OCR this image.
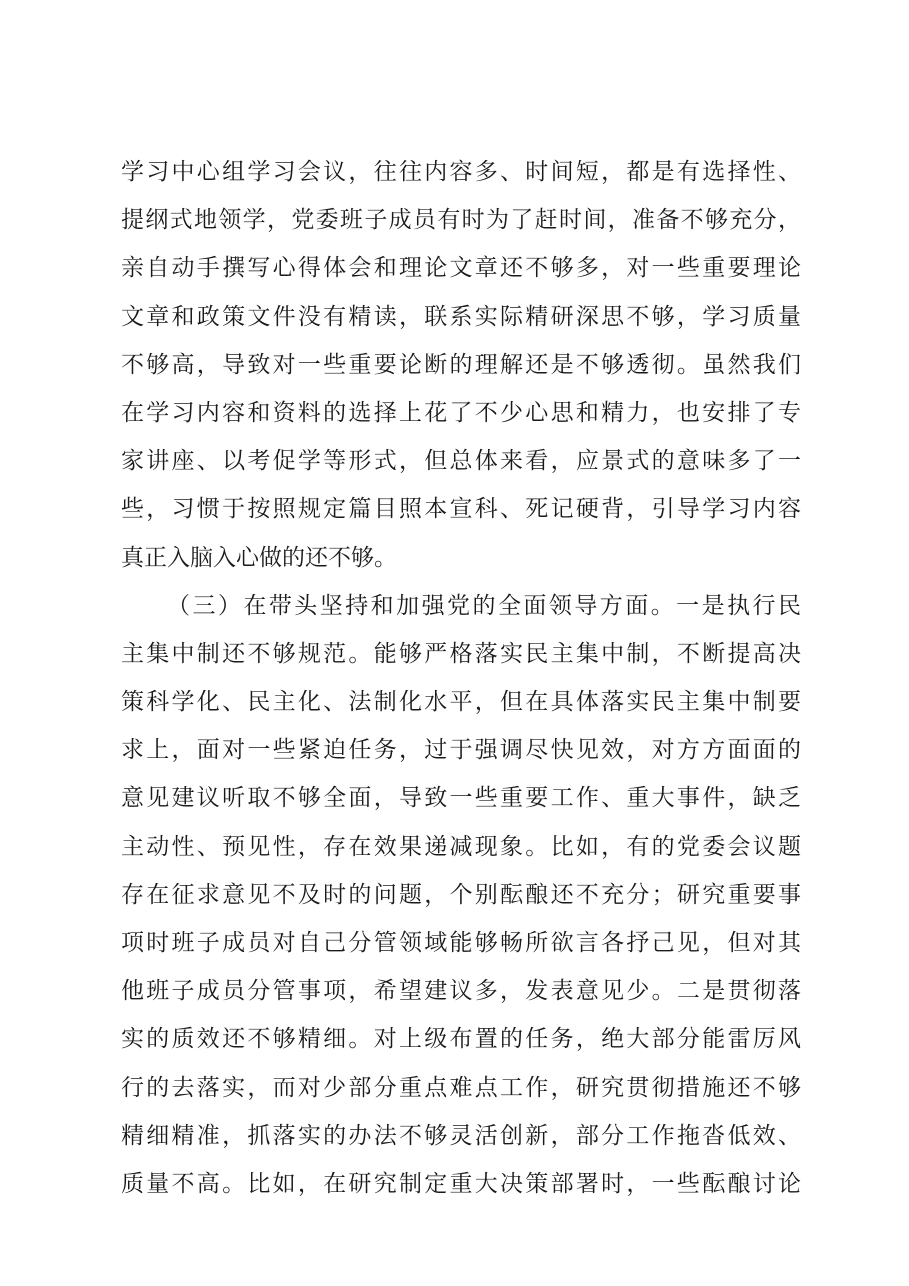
学习中心组学习会议，往往内容多、时间短，都是有选择性、
提纲式地领学，党委班子成员有时为了赶时间，准备不够充分，
亲自动手撰写心得体会和理论文章还不够多，对一些重要理论
文章和政策文件没有精读，联系实际精研深思不够，学习质量
不够高，导致对一些重要论断的理解还是不够透彻。虽然我们
在学习内容和资料的选择上花了不少心思和精力，也安排了专
家讲座、以考促学等形式，但总体来看，应景式的意味多了一
些，习惯于按照规定篇目照本宣科、死记硬背，引导学习内容
真正入脑入心做的还不够。
（三）在带头坚持和加强党的全面领导方面。一是执行民
主集中制还不够规范。能够严格落实民主集中制，不断提高决
策科学化、民主化、法制化水平，但在具体落实民主集中制要
求上，面对一些紧迫任务，过于强调尽快见效，对方方面面的
意见建议听取不够全面，导致一些重要工作、重大事件，缺乏
主动性、预见性，存在效果递减现象。比如，有的党委会议题
存在征求意见不及时的问题，个别酝酿还不充分；研究重要事
项时班子成员对自己分管领域能够畅所欲言各抒己见，但对其
他班子成员分管事项，希望建议多，发表意见少。二是贯彻落
实的质效还不够精细。对上级布置的任务，绝大部分能雷厉风
行的去落实，而对少部分重点难点工作，研究贯彻措施还不够
精细精准，抓落实的办法不够灵活创新，部分工作拖沓低效、
质量不高。比如，在研究制定重大决策部署时，一些酝酿讨论
